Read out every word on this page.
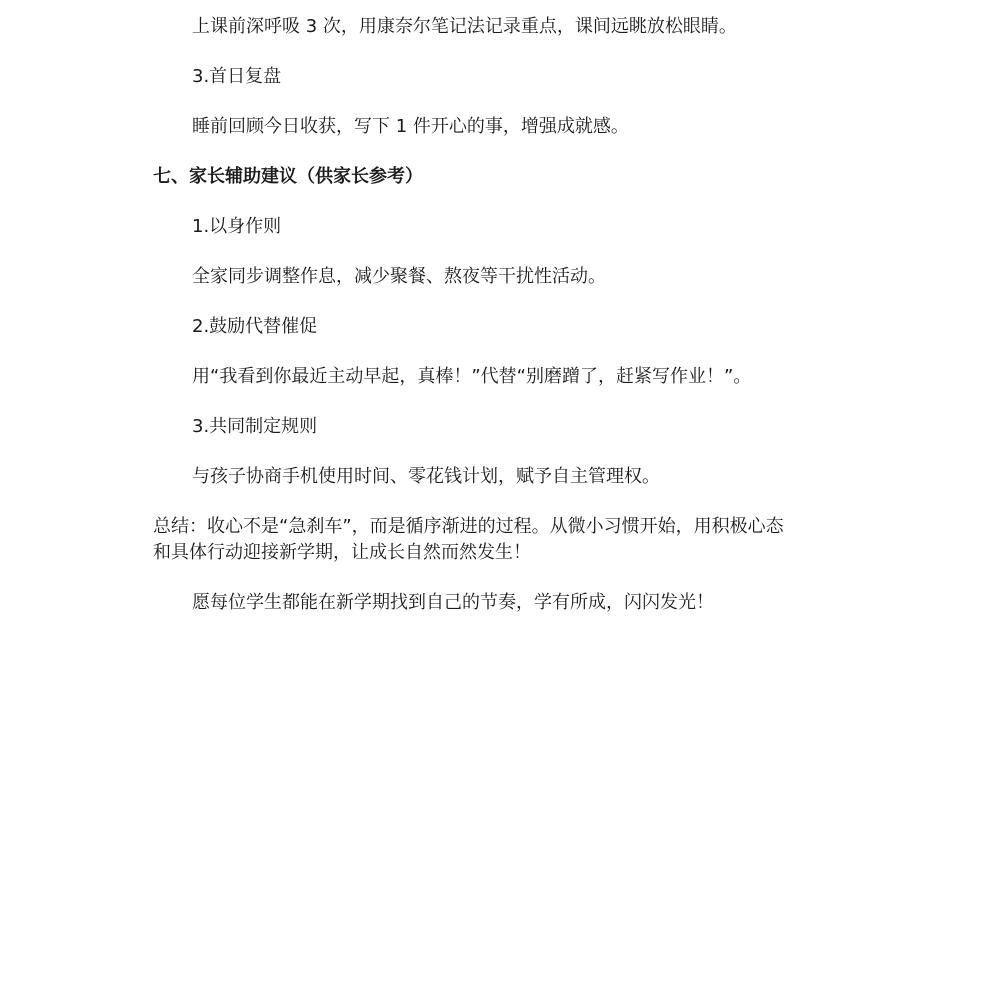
上课前深呼吸 3 次，用康奈尔笔记法记录重点，课间远眺放松眼睛。

3.首日复盘

睡前回顾今日收获，写下 1 件开心的事，增强成就感。

七、家长辅助建议（供家长参考）

1.以身作则

全家同步调整作息，减少聚餐、熬夜等干扰性活动。

2.鼓励代替催促

用“我看到你最近主动早起，真棒！”代替“别磨蹭了，赶紧写作业！”。

3.共同制定规则

与孩子协商手机使用时间、零花钱计划，赋予自主管理权。

总结：收心不是“急刹车”，而是循序渐进的过程。从微小习惯开始，用积极心态

和具体行动迎接新学期，让成长自然而然发生！

愿每位学生都能在新学期找到自己的节奏，学有所成，闪闪发光！
